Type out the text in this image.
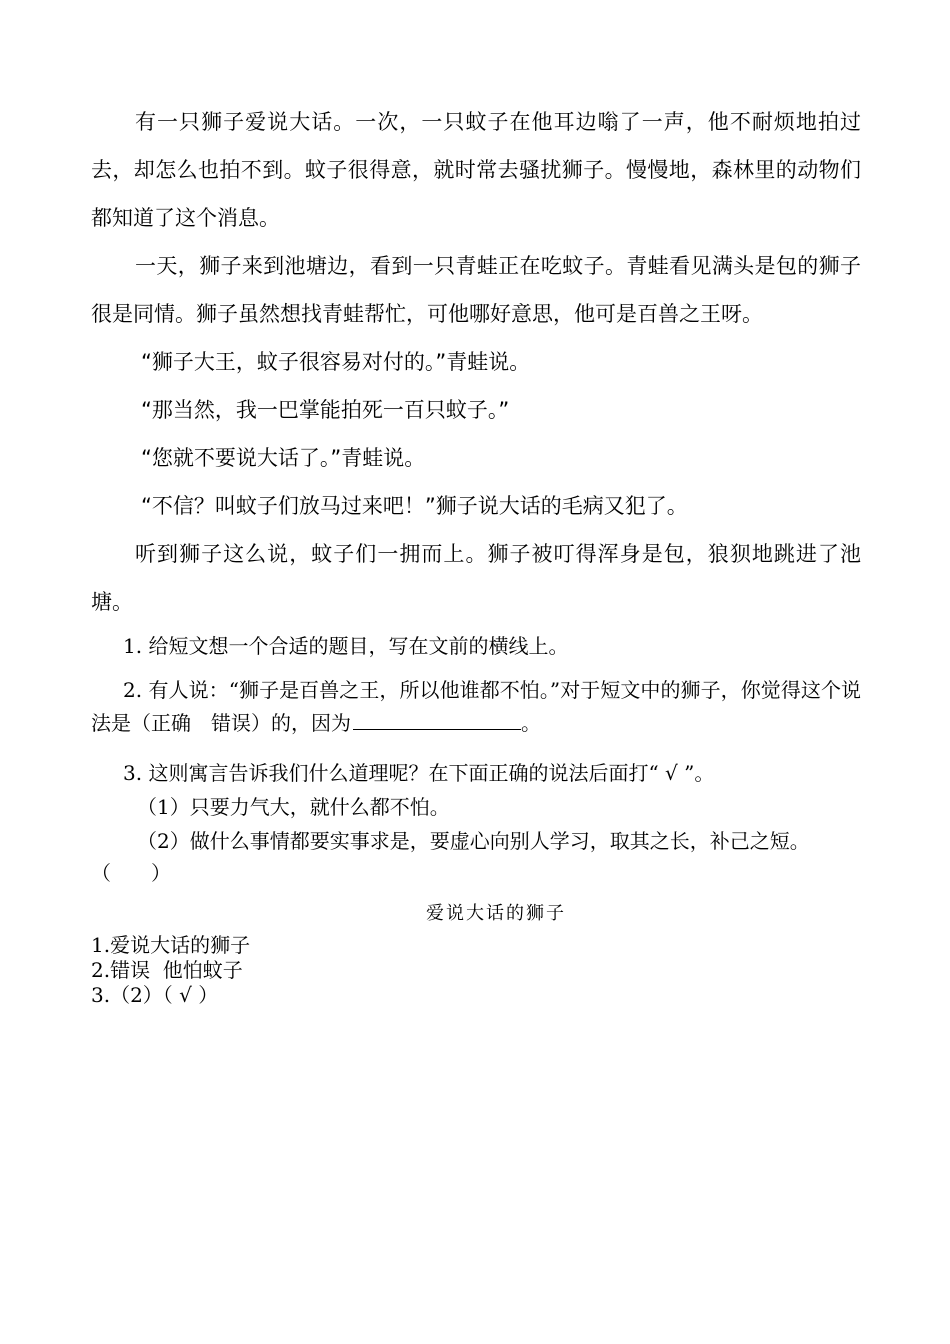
有一只狮子爱说大话。一次，一只蚊子在他耳边嗡了一声，他不耐烦地拍过去，却怎么也拍不到。蚊子很得意，就时常去骚扰狮子。慢慢地，森林里的动物们都知道了这个消息。

一天，狮子来到池塘边，看到一只青蛙正在吃蚊子。青蛙看见满头是包的狮子很是同情。狮子虽然想找青蛙帮忙，可他哪好意思，他可是百兽之王呀。

“狮子大王，蚊子很容易对付的。”青蛙说。

“那当然，我一巴掌能拍死一百只蚊子。”

“您就不要说大话了。”青蛙说。

“不信？叫蚊子们放马过来吧！”狮子说大话的毛病又犯了。

听到狮子这么说，蚊子们一拥而上。狮子被叮得浑身是包，狼狈地跳进了池塘。

1. 给短文想一个合适的题目，写在文前的横线上。

2. 有人说：“狮子是百兽之王，所以他谁都不怕。”对于短文中的狮子，你觉得这个说法是（正确　错误）的，因为	。

3. 这则寓言告诉我们什么道理呢？在下面正确的说法后面打“ √ ”。

（1）只要力气大，就什么都不怕。

（2）做什么事情都要实事求是，要虚心向别人学习，取其之长，补己之短。

（　　）

爱说大话的狮子
1.爱说大话的狮子
2.错误  他怕蚊子
3.（2）（ √ ）
